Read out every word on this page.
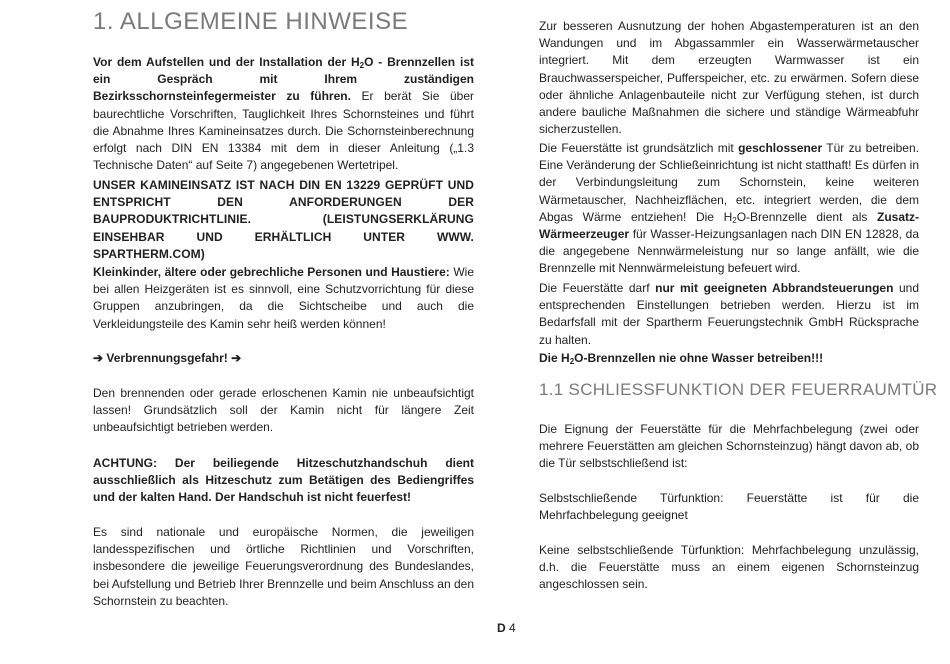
1. ALLGEMEINE HINWEISE

Vor dem Aufstellen und der Installation der $H_2O$ - Brennzellen ist ein Gespräch mit Ihrem zuständigen Bezirksschornsteinfegermeister zu führen. Er berät Sie über baurechtliche Vorschriften, Tauglichkeit Ihres Schornsteines und führt die Abnahme Ihres Kamineinsatzes durch. Die Schornsteinberechnung erfolgt nach DIN EN 13384 mit dem in dieser Anleitung („1.3 Technische Daten“ auf Seite 7) angegebenen Wertetripel.

UNSER KAMINEINSATZ IST NACH DIN EN 13229 GEPRÜFT UND ENTSPRICHT DEN ANFORDERUNGEN DER BAUPRODUKTRICHTLINIE. (LEISTUNGSERKLÄRUNG EINSEHBAR UND ERHÄLTLICH UNTER WWW. SPARTHERM.COM)

Kleinkinder, ältere oder gebrechliche Personen und Haustiere: Wie bei allen Heizgeräten ist es sinnvoll, eine Schutzvorrichtung für diese Gruppen anzubringen, da die Sichtscheibe und auch die Verkleidungsteile des Kamin sehr heiß werden können!

➔ Verbrennungsgefahr! ➔

Den brennenden oder gerade erloschenen Kamin nie unbeaufsichtigt lassen! Grundsätzlich soll der Kamin nicht für längere Zeit unbeaufsichtigt betrieben werden.

ACHTUNG: Der beiliegende Hitzeschutzhandschuh dient ausschließlich als Hitzeschutz zum Betätigen des Bediengriffes und der kalten Hand. Der Handschuh ist nicht feuerfest!

Es sind nationale und europäische Normen, die jeweiligen landesspezifischen und örtliche Richtlinien und Vorschriften, insbesondere die jeweilige Feuerungsverordnung des Bundeslandes, bei Aufstellung und Betrieb Ihrer Brennzelle und beim Anschluss an den Schornstein zu beachten.

Zur besseren Ausnutzung der hohen Abgastemperaturen ist an den Wandungen und im Abgassammler ein Wasserwärmetauscher integriert. Mit dem erzeugten Warmwasser ist ein Brauchwasserspeicher, Pufferspeicher, etc. zu erwärmen. Sofern diese oder ähnliche Anlagenbauteile nicht zur Verfügung stehen, ist durch andere bauliche Maßnahmen die sichere und ständige Wärmeabfuhr sicherzustellen.

Die Feuerstätte ist grundsätzlich mit geschlossener Tür zu betreiben. Eine Veränderung der Schließeinrichtung ist nicht statthaft! Es dürfen in der Verbindungsleitung zum Schornstein, keine weiteren Wärmetauscher, Nachheizflächen, etc. integriert werden, die dem Abgas Wärme entziehen! Die $H_2O$-Brennzelle dient als Zusatz-Wärmeerzeuger für Wasser-Heizungsanlagen nach DIN EN 12828, da die angegebene Nennwärmeleistung nur so lange anfällt, wie die Brennzelle mit Nennwärmeleistung befeuert wird.

Die Feuerstätte darf nur mit geeigneten Abbrandsteuerungen und entsprechenden Einstellungen betrieben werden. Hierzu ist im Bedarfsfall mit der Spartherm Feuerungstechnik GmbH Rücksprache zu halten.

Die $H_2O$-Brennzellen nie ohne Wasser betreiben!!!

1.1 SCHLIESSFUNKTION DER FEUERRAUMTÜR

Die Eignung der Feuerstätte für die Mehrfachbelegung (zwei oder mehrere Feuerstätten am gleichen Schornsteinzug) hängt davon ab, ob die Tür selbstschließend ist:

Selbstschließende Türfunktion: Feuerstätte ist für die Mehrfachbelegung geeignet

Keine selbstschließende Türfunktion: Mehrfachbelegung unzulässig, d.h. die Feuerstätte muss an einem eigenen Schornsteinzug angeschlossen sein.

D 4
